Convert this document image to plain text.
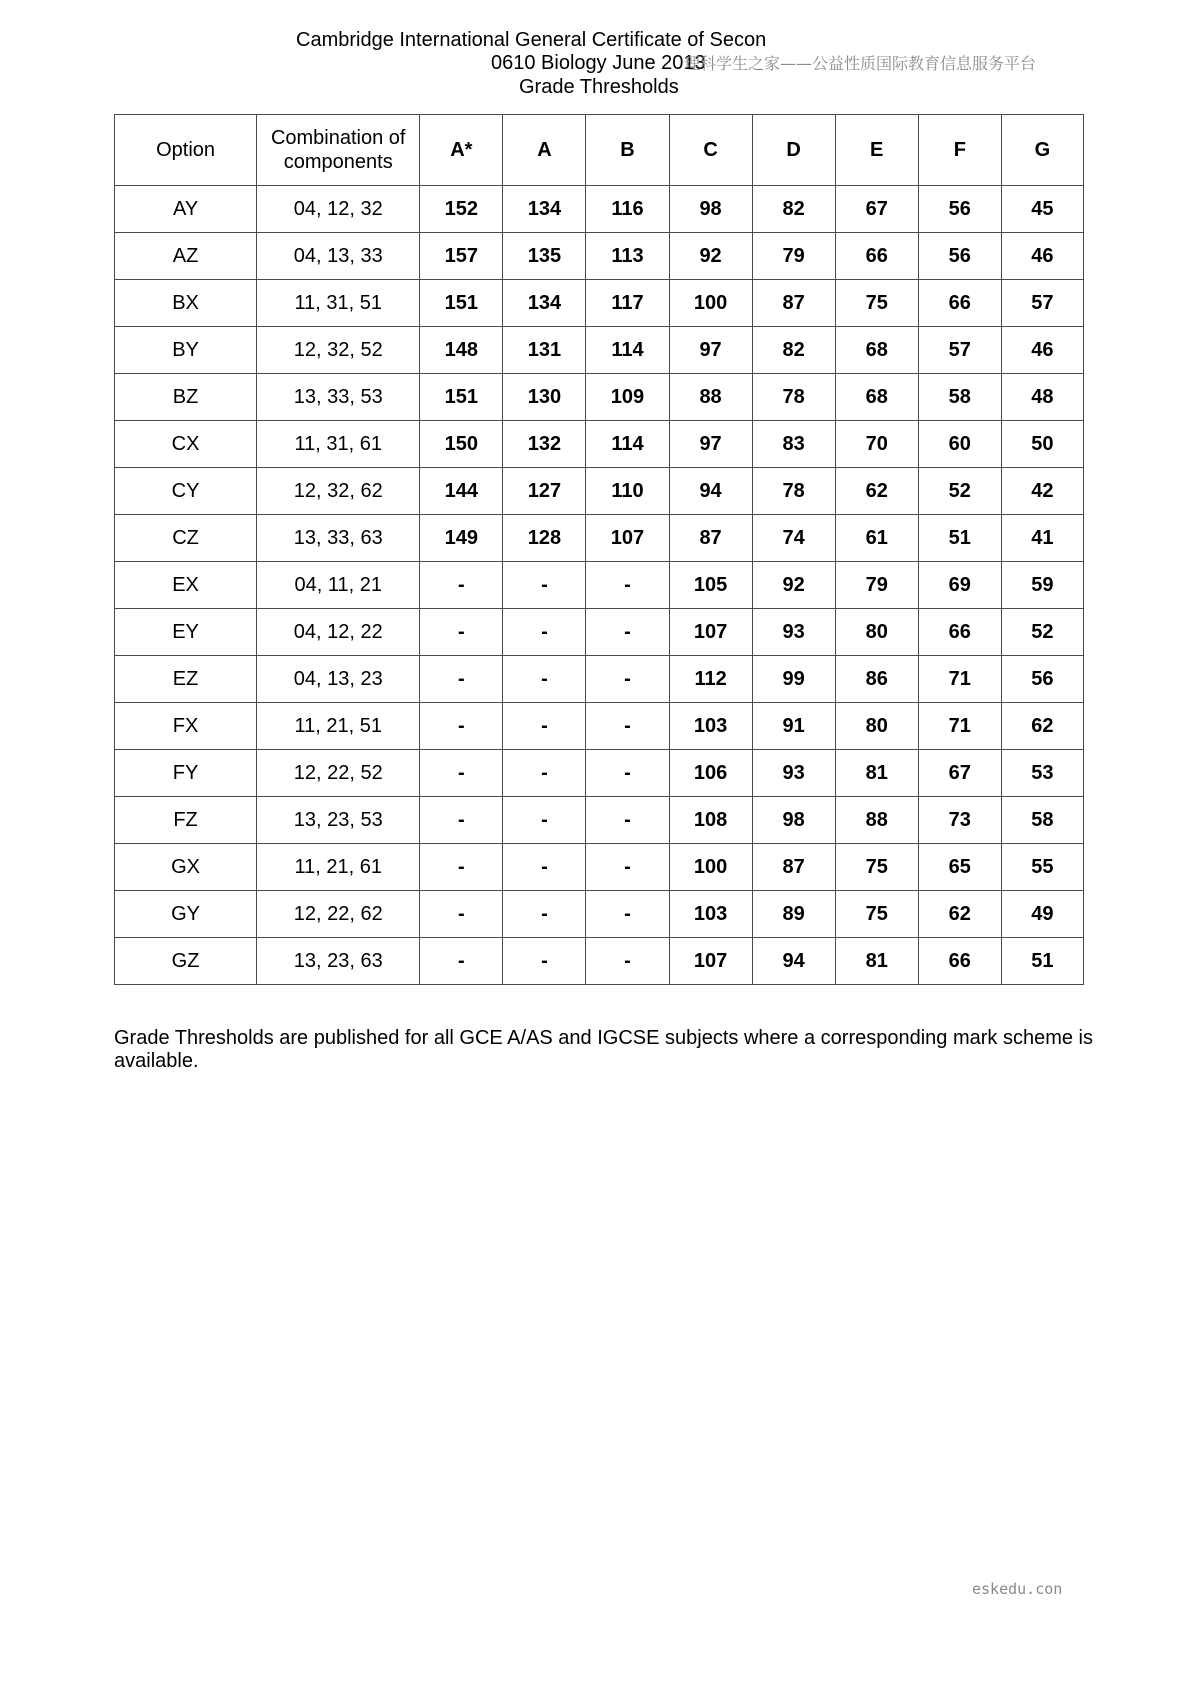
Cambridge International General Certificate of Secon
0610 Biology June 2013
理科学生之家——公益性质国际教育信息服务平台
Grade Thresholds
Option	Combination of components	A*	A	B	C	D	E	F	G
AY	04, 12, 32	152	134	116	98	82	67	56	45
AZ	04, 13, 33	157	135	113	92	79	66	56	46
BX	11, 31, 51	151	134	117	100	87	75	66	57
BY	12, 32, 52	148	131	114	97	82	68	57	46
BZ	13, 33, 53	151	130	109	88	78	68	58	48
CX	11, 31, 61	150	132	114	97	83	70	60	50
CY	12, 32, 62	144	127	110	94	78	62	52	42
CZ	13, 33, 63	149	128	107	87	74	61	51	41
EX	04, 11, 21	-	-	-	105	92	79	69	59
EY	04, 12, 22	-	-	-	107	93	80	66	52
EZ	04, 13, 23	-	-	-	112	99	86	71	56
FX	11, 21, 51	-	-	-	103	91	80	71	62
FY	12, 22, 52	-	-	-	106	93	81	67	53
FZ	13, 23, 53	-	-	-	108	98	88	73	58
GX	11, 21, 61	-	-	-	100	87	75	65	55
GY	12, 22, 62	-	-	-	103	89	75	62	49
GZ	13, 23, 63	-	-	-	107	94	81	66	51
Grade Thresholds are published for all GCE A/AS and IGCSE subjects where a corresponding mark scheme is available.
eskedu.con
